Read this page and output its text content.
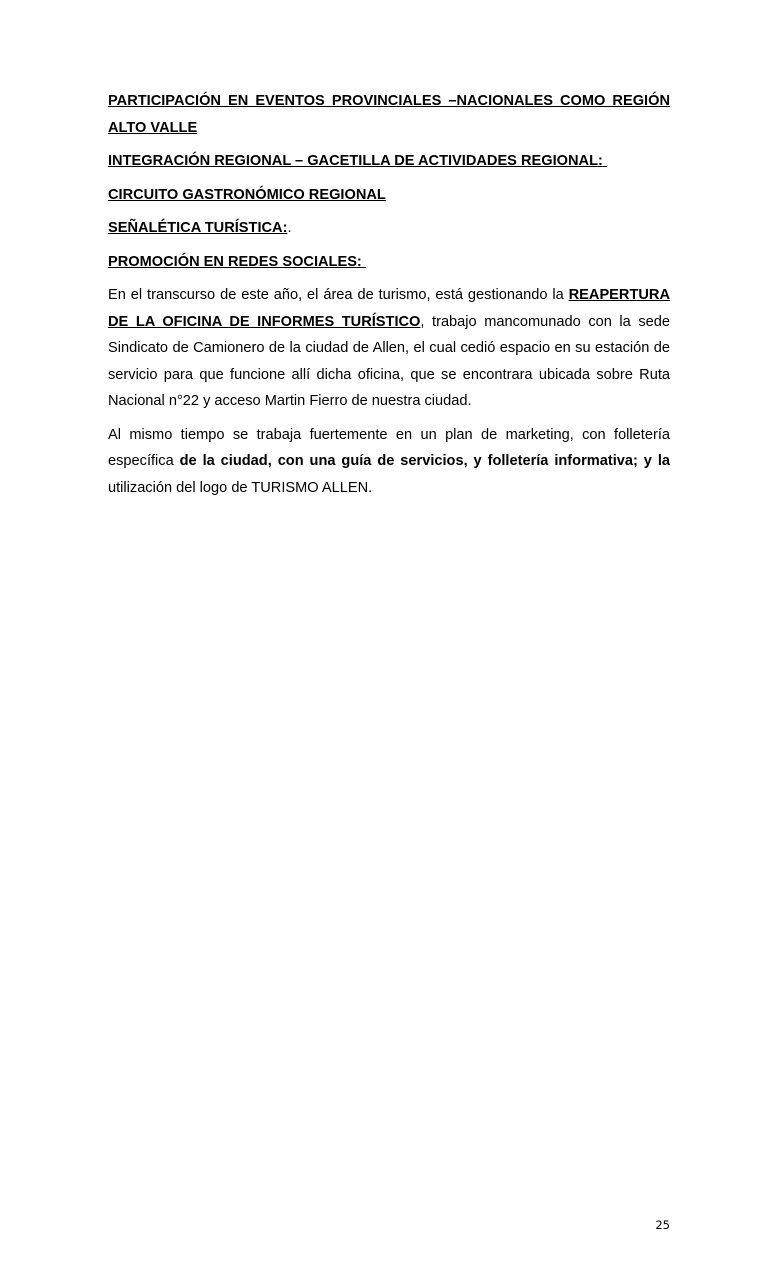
PARTICIPACIÓN EN EVENTOS PROVINCIALES –NACIONALES COMO REGIÓN ALTO VALLE

INTEGRACIÓN REGIONAL – GACETILLA DE ACTIVIDADES REGIONAL:

CIRCUITO GASTRONÓMICO REGIONAL

SEÑALÉTICA TURÍSTICA:.

PROMOCIÓN EN REDES SOCIALES:

En el transcurso de este año, el área de turismo, está gestionando la REAPERTURA DE LA OFICINA DE INFORMES TURÍSTICO, trabajo mancomunado con la sede Sindicato de Camionero de la ciudad de Allen, el cual cedió espacio en su estación de servicio para que funcione allí dicha oficina, que se encontrara ubicada sobre Ruta Nacional n°22 y acceso Martin Fierro de nuestra ciudad.

Al mismo tiempo se trabaja fuertemente en un plan de marketing, con folletería específica de la ciudad, con una guía de servicios, y folletería informativa; y la utilización del logo de TURISMO ALLEN.

25
